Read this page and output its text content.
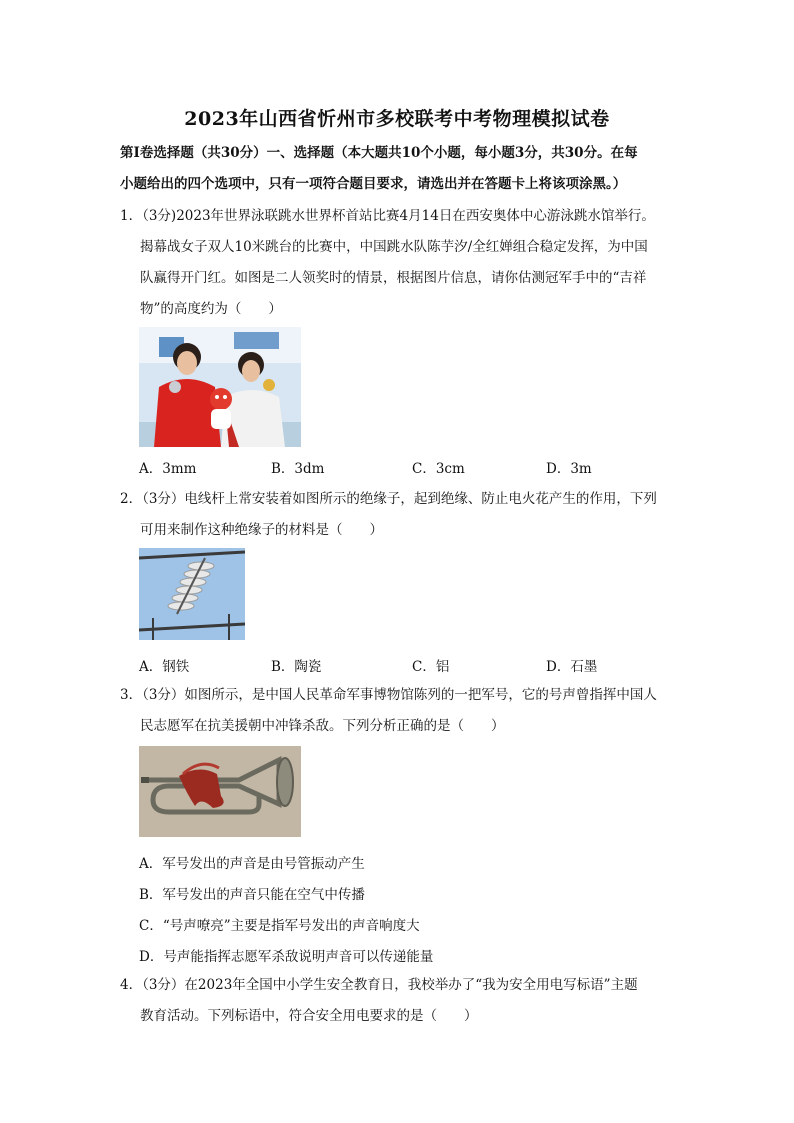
2023年山西省忻州市多校联考中考物理模拟试卷
第Ⅰ卷选择题（共30分）一、选择题（本大题共10个小题，每小题3分，共30分。在每
小题给出的四个选项中，只有一项符合题目要求，请选出并在答题卡上将该项涂黑。）
1．（3分)2023年世界泳联跳水世界杯首站比赛4月14日在西安奥体中心游泳跳水馆举行。
揭幕战女子双人10米跳台的比赛中，中国跳水队陈芋汐/全红婵组合稳定发挥，为中国
队赢得开门红。如图是二人领奖时的情景，根据图片信息，请你估测冠军手中的“吉祥
物”的高度约为（　　）
A．3mm	B．3dm	C．3cm	D．3m
2．（3分）电线杆上常安装着如图所示的绝缘子，起到绝缘、防止电火花产生的作用，下列
可用来制作这种绝缘子的材料是（　　）
A．钢铁	B．陶瓷	C．铝	D．石墨
3．（3分）如图所示，是中国人民革命军事博物馆陈列的一把军号，它的号声曾指挥中国人
民志愿军在抗美援朝中冲锋杀敌。下列分析正确的是（　　）
A．军号发出的声音是由号管振动产生
B．军号发出的声音只能在空气中传播
C．“号声嘹亮”主要是指军号发出的声音响度大
D．号声能指挥志愿军杀敌说明声音可以传递能量
4．（3分）在2023年全国中小学生安全教育日，我校举办了“我为安全用电写标语”主题
教育活动。下列标语中，符合安全用电要求的是（　　）
